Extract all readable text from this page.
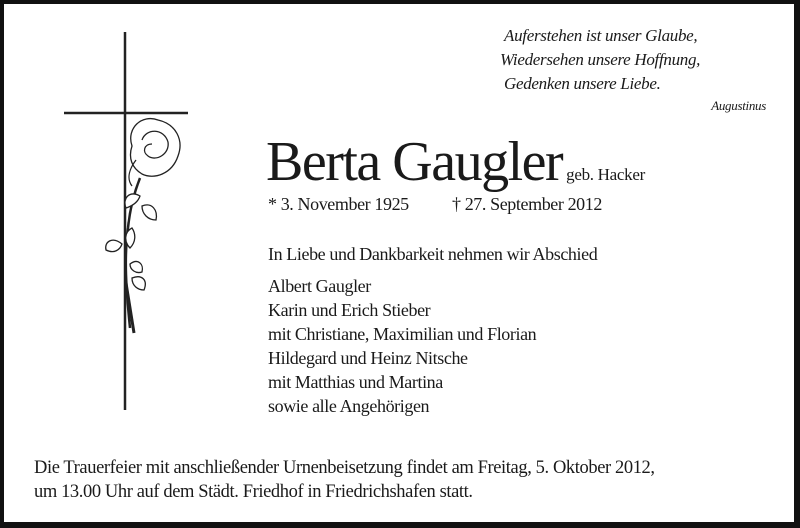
Auferstehen ist unser Glaube,
Wiedersehen unsere Hoffnung,
Gedenken unsere Liebe.
Augustinus
Berta Gaugler geb. Hacker
* 3. November 1925 † 27. September 2012
In Liebe und Dankbarkeit nehmen wir Abschied
Albert Gaugler
Karin und Erich Stieber
mit Christiane, Maximilian und Florian
Hildegard und Heinz Nitsche
mit Matthias und Martina
sowie alle Angehörigen
Die Trauerfeier mit anschließender Urnenbeisetzung findet am Freitag, 5. Oktober 2012,
um 13.00 Uhr auf dem Städt. Friedhof in Friedrichshafen statt.
